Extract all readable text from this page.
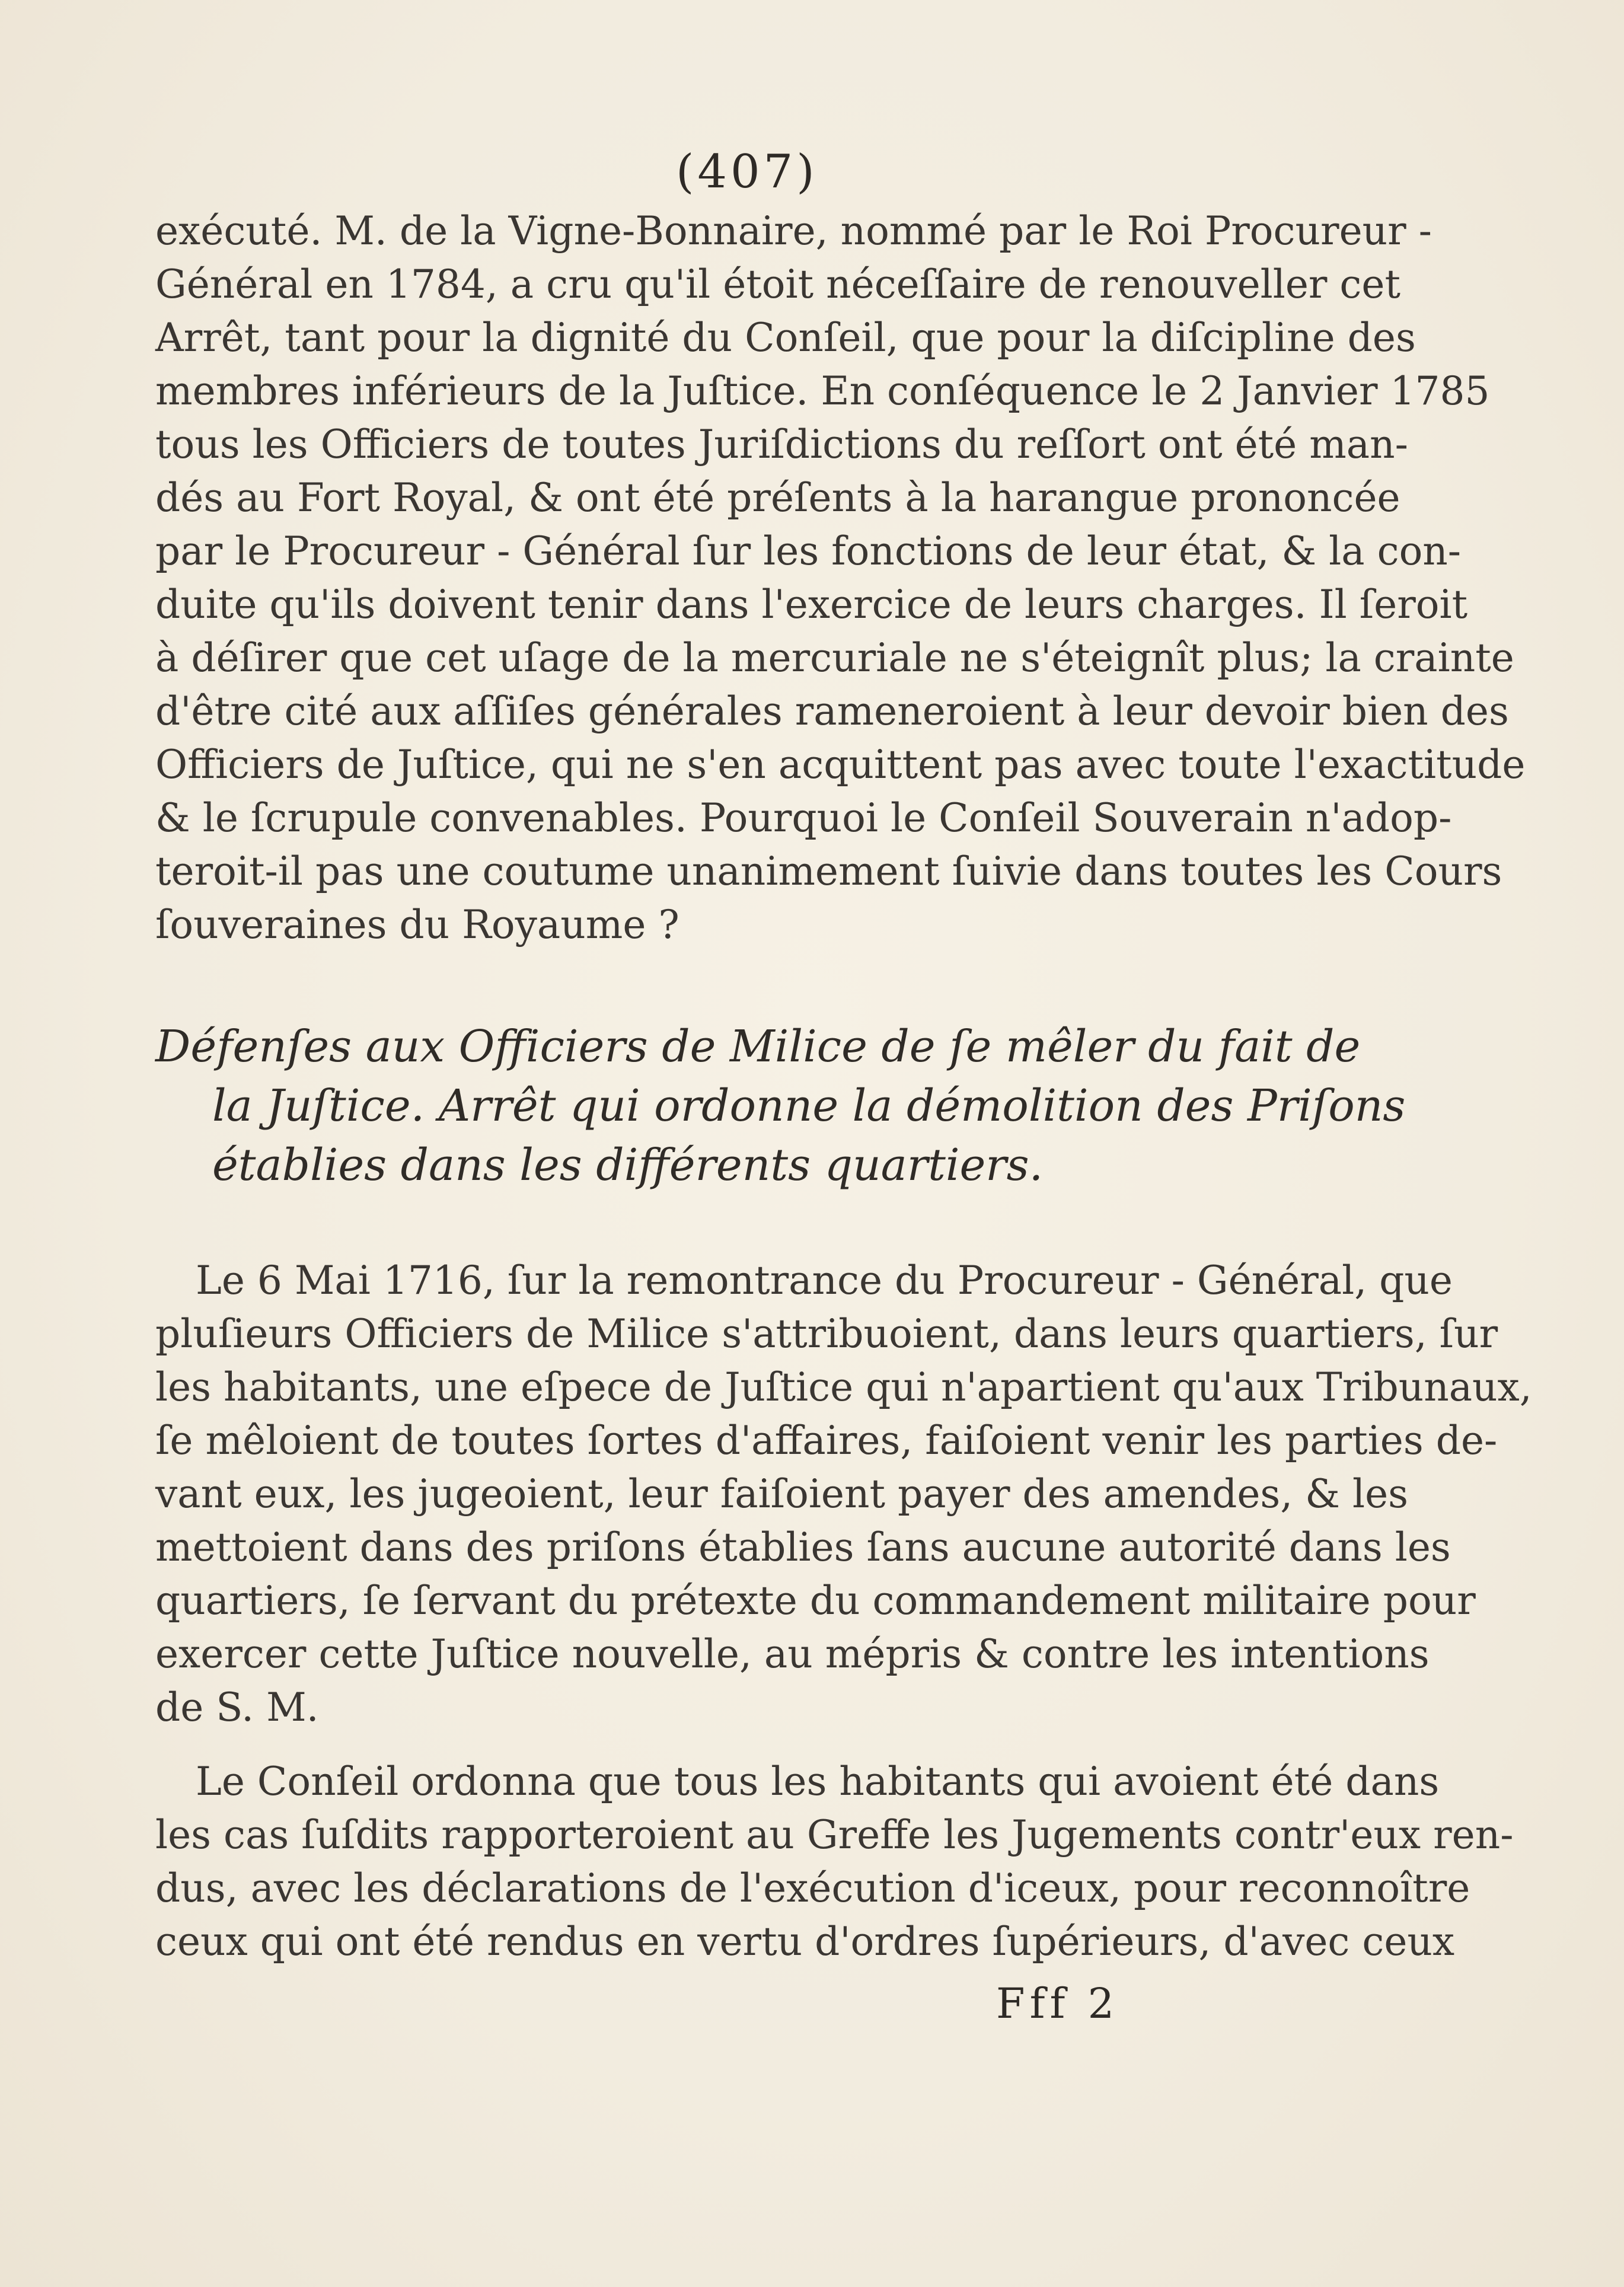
(407)
exécuté. M. de la Vigne-Bonnaire, nommé par le Roi Procureur -
Général en 1784, a cru qu'il étoit néceſſaire de renouveller cet
Arrêt, tant pour la dignité du Conſeil, que pour la diſcipline des
membres inférieurs de la Juſtice. En conſéquence le 2 Janvier 1785
tous les Officiers de toutes Juriſdictions du reſſort ont été man-
dés au Fort Royal, & ont été préſents à la harangue prononcée
par le Procureur - Général ſur les fonctions de leur état, & la con-
duite qu'ils doivent tenir dans l'exercice de leurs charges. Il ſeroit
à déſirer que cet uſage de la mercuriale ne s'éteignît plus; la crainte
d'être cité aux aſſiſes générales rameneroient à leur devoir bien des
Officiers de Juſtice, qui ne s'en acquittent pas avec toute l'exactitude
& le ſcrupule convenables. Pourquoi le Conſeil Souverain n'adop-
teroit-il pas une coutume unanimement ſuivie dans toutes les Cours
ſouveraines du Royaume ?
Défenſes aux Officiers de Milice de ſe mêler du fait de
la Juſtice. Arrêt qui ordonne la démolition des Priſons
établies dans les différents quartiers.
Le 6 Mai 1716, ſur la remontrance du Procureur - Général, que
pluſieurs Officiers de Milice s'attribuoient, dans leurs quartiers, ſur
les habitants, une eſpece de Juſtice qui n'apartient qu'aux Tribunaux,
ſe mêloient de toutes ſortes d'affaires, faiſoient venir les parties de-
vant eux, les jugeoient, leur faiſoient payer des amendes, & les
mettoient dans des priſons établies ſans aucune autorité dans les
quartiers, ſe ſervant du prétexte du commandement militaire pour
exercer cette Juſtice nouvelle, au mépris & contre les intentions
de S. M.
Le Conſeil ordonna que tous les habitants qui avoient été dans
les cas ſuſdits rapporteroient au Greffe les Jugements contr'eux ren-
dus, avec les déclarations de l'exécution d'iceux, pour reconnoître
ceux qui ont été rendus en vertu d'ordres ſupérieurs, d'avec ceux
Fff 2
